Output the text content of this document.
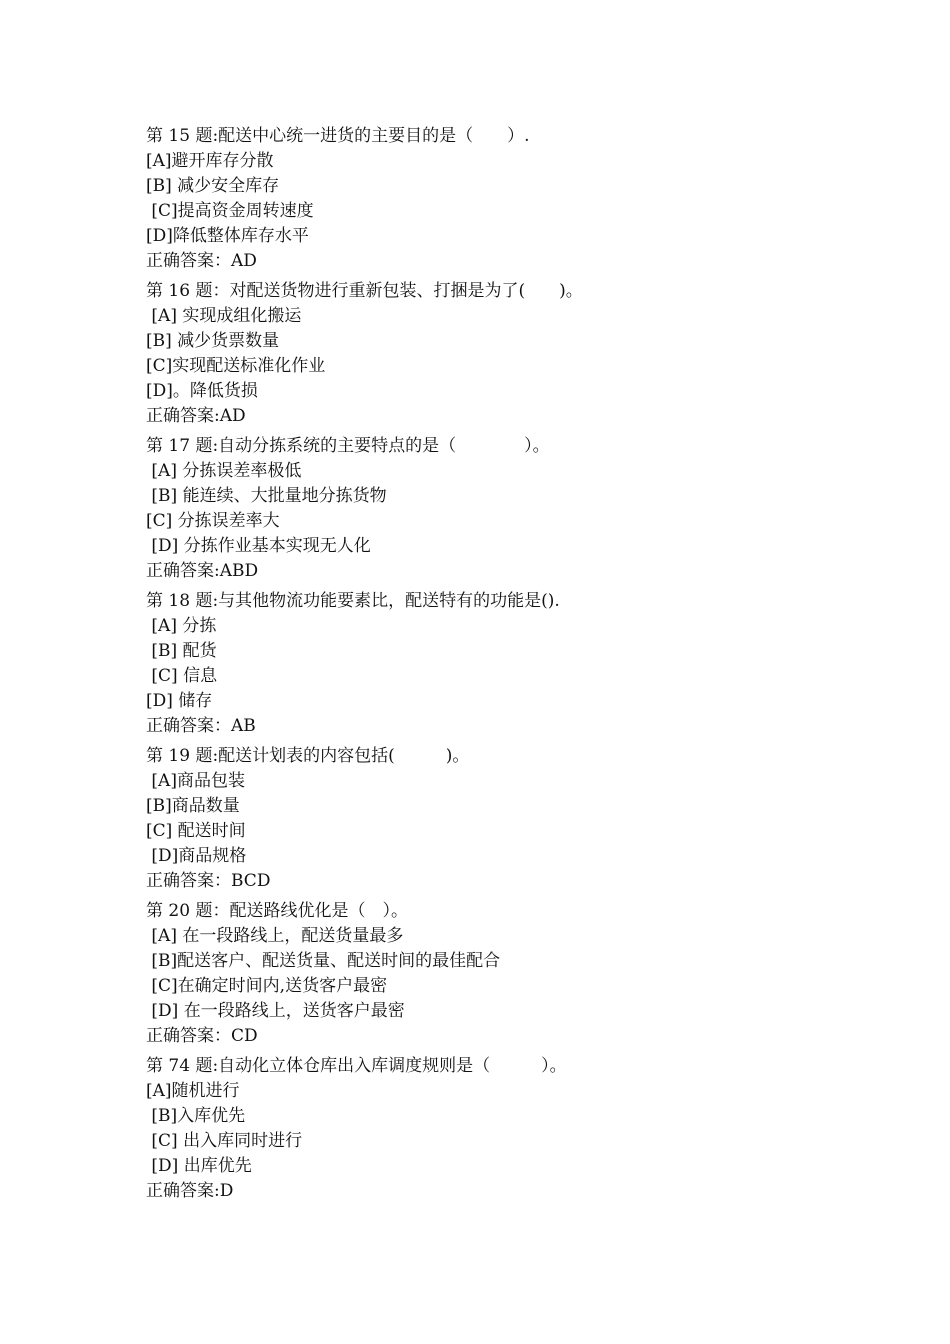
第 15 题:配送中心统一进货的主要目的是（　　）.
[A]避开库存分散
[B] 减少安全库存
[C]提高资金周转速度
[D]降低整体库存水平
正确答案：AD
第 16 题：对配送货物进行重新包装、打捆是为了(　　)。
[A] 实现成组化搬运
[B] 减少货票数量
[C]实现配送标准化作业
[D]。降低货损
正确答案:AD
第 17 题:自动分拣系统的主要特点的是（　　　　）。
[A] 分拣误差率极低
[B] 能连续、大批量地分拣货物
[C] 分拣误差率大
[D] 分拣作业基本实现无人化
正确答案:ABD
第 18 题:与其他物流功能要素比，配送特有的功能是().
[A] 分拣
[B] 配货
[C] 信息
[D] 储存
正确答案：AB
第 19 题:配送计划表的内容包括(　　　)。
[A]商品包装
[B]商品数量
[C] 配送时间
[D]商品规格
正确答案：BCD
第 20 题：配送路线优化是（　）。
[A] 在一段路线上，配送货量最多
[B]配送客户、配送货量、配送时间的最佳配合
[C]在确定时间内,送货客户最密
[D] 在一段路线上，送货客户最密
正确答案：CD
第 74 题:自动化立体仓库出入库调度规则是（　　　）。
[A]随机进行
[B]入库优先
[C] 出入库同时进行
[D] 出库优先
正确答案:D
